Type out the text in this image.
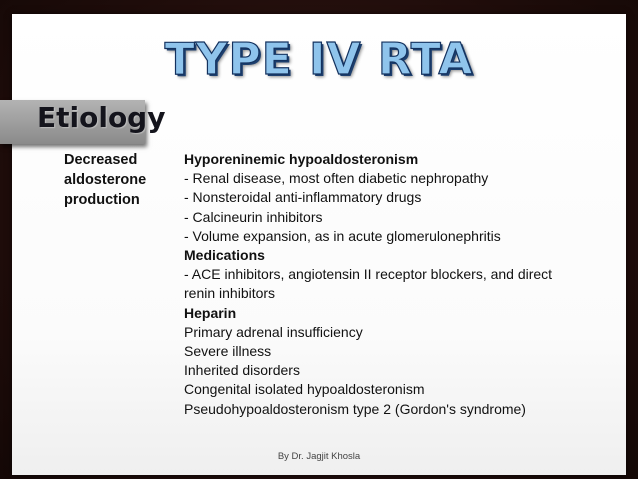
TYPE IV RTA
Etiology
Decreased
aldosterone
production
Hyporeninemic hypoaldosteronism
- Renal disease, most often diabetic nephropathy
- Nonsteroidal anti-inflammatory drugs
- Calcineurin inhibitors
- Volume expansion, as in acute glomerulonephritis
Medications
- ACE inhibitors, angiotensin II receptor blockers, and direct
renin inhibitors
Heparin
Primary adrenal insufficiency
Severe illness
Inherited disorders
Congenital isolated hypoaldosteronism
Pseudohypoaldosteronism type 2 (Gordon's syndrome)
By Dr. Jagjit Khosla
